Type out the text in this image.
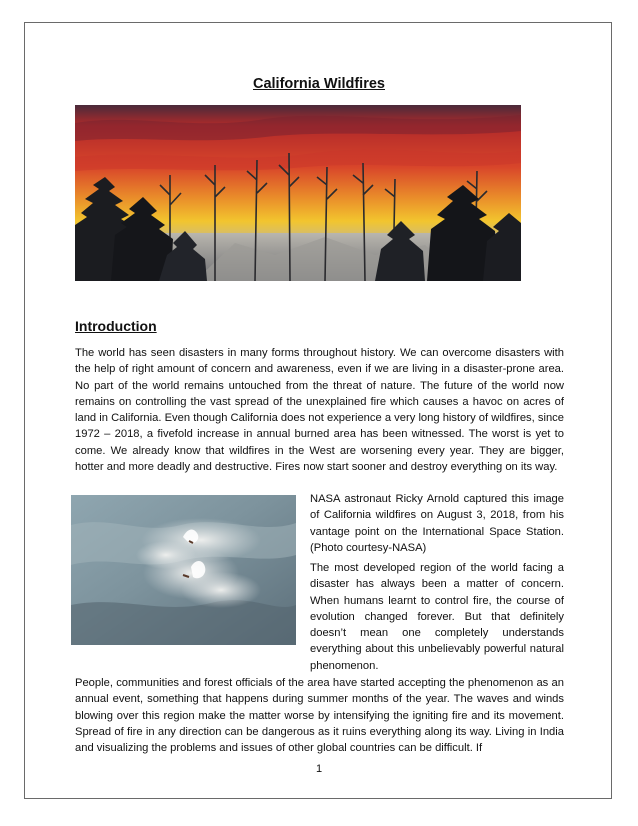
California Wildfires
Introduction

The world has seen disasters in many forms throughout history. We can overcome disasters with the help of right amount of concern and awareness, even if we are living in a disaster-prone area. No part of the world remains untouched from the threat of nature. The future of the world now remains on controlling the vast spread of the unexplained fire which causes a havoc on acres of land in California. Even though California does not experience a very long history of wildfires, since 1972 – 2018, a fivefold increase in annual burned area has been witnessed. The worst is yet to come. We already know that wildfires in the West are worsening every year. They are bigger, hotter and more deadly and destructive. Fires now start sooner and destroy everything on its way.

NASA astronaut Ricky Arnold captured this image of California wildfires on August 3, 2018, from his vantage point on the International Space Station. (Photo courtesy-NASA)

The most developed region of the world facing a disaster has always been a matter of concern. When humans learnt to control fire, the course of evolution changed forever. But that definitely doesn’t mean one completely understands everything about this unbelievably powerful natural phenomenon.

People, communities and forest officials of the area have started accepting the phenomenon as an annual event, something that happens during summer months of the year. The waves and winds blowing over this region make the matter worse by intensifying the igniting fire and its movement. Spread of fire in any direction can be dangerous as it ruins everything along its way. Living in India and visualizing the problems and issues of other global countries can be difficult. If

1
